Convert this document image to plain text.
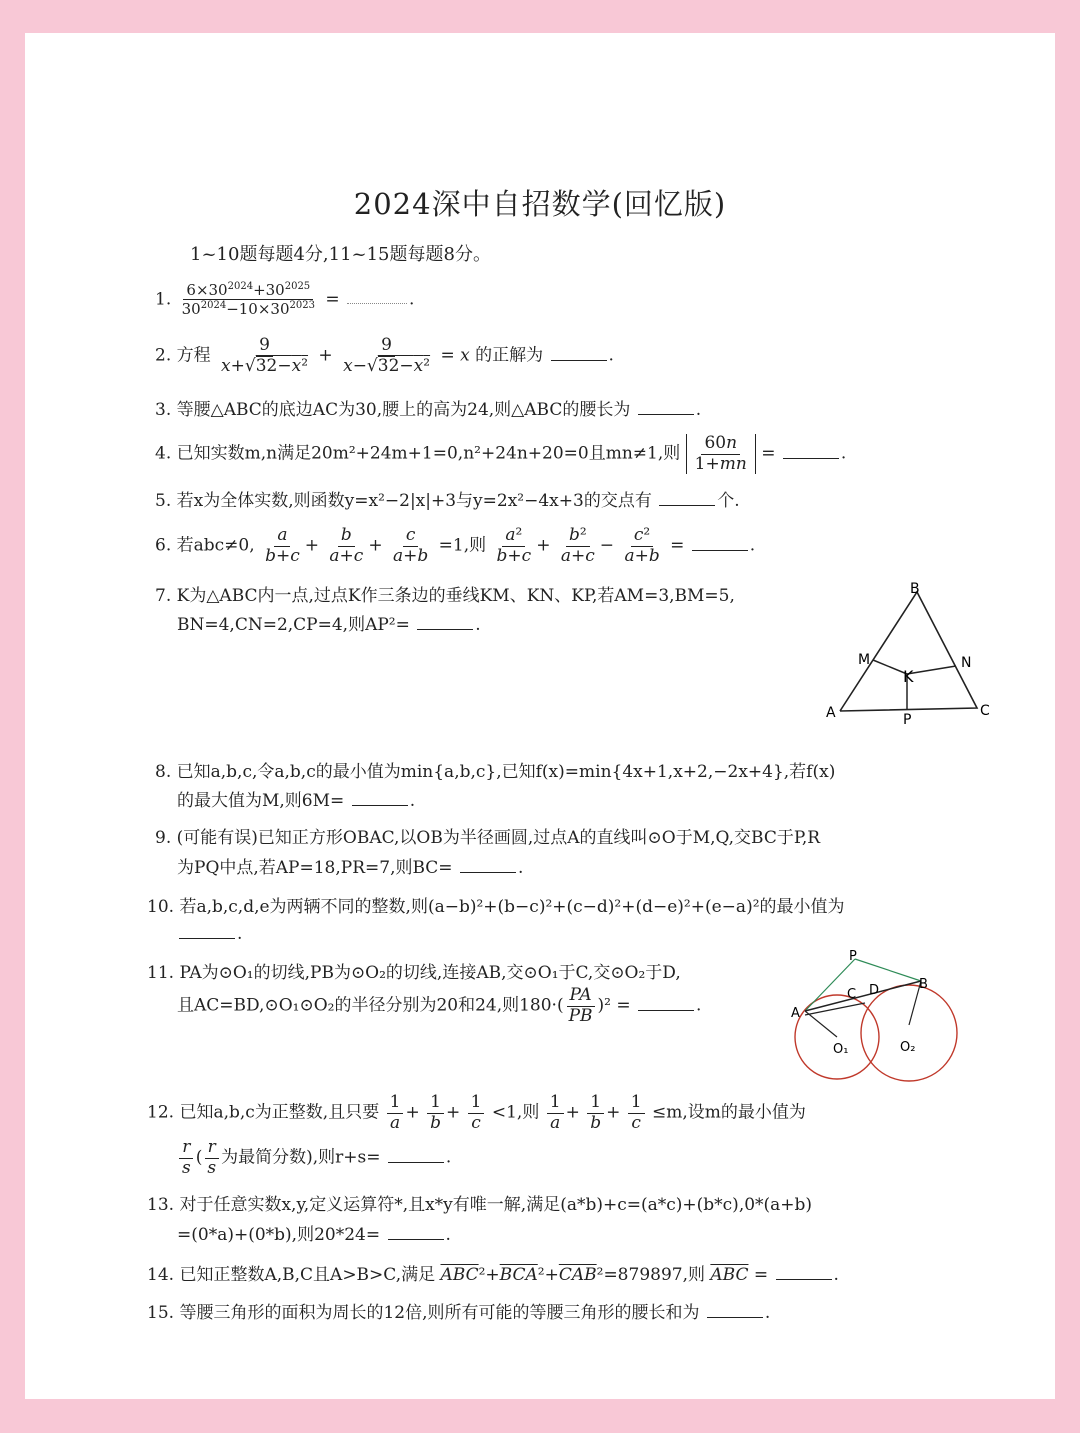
2024深中自招数学(回忆版)
1~10题每题4分,11~15题每题8分。
1. $\frac{6\times 30^{2024}+30^{2025}}{30^{2024}-10\times 30^{2023}}$ =	.
2. 方程 $\frac{9}{\text{x+√32−x²}} + \frac{9}{\text{x−√32−x²}} = x$ 的正解为	.
3. 等腰△ABC的底边AC为30,腰上的高为24,则△ABC的腰长为	.
4. 已知实数m,n满足20m²+24m+1=0,n²+24n+20=0且mn≠1,则 $\frac{60n}{1+mn}$ =	.
5. 若x为全体实数,则函数y=x²−2|x|+3与y=2x²−4x+3的交点有	个.
6. 若abc≠0, $\frac{a}{b+c} + \frac{b}{a+c} + \frac{c}{a+b} =1$,则 $\frac{\text{a²}}{b+c} + \frac{\text{b²}}{a+c} - \frac{\text{c²}}{a+b}$ =	.
7. K为△ABC内一点,过点K作三条边的垂线KM、KN、KP,若AM=3,BM=5,
BN=4,CN=2,CP=4,则AP²=	.
B
M	N
K
A	P
C
8. 已知a,b,c,令a,b,c的最小值为min{a,b,c},已知f(x)=min{4x+1,x+2,−2x+4},若f(x)
的最大值为M,则6M=	.
9. (可能有误)已知正方形OBAC,以OB为半径画圆,过点A的直线叫⊙O于M,Q,交BC于P,R
为PQ中点,若AP=18,PR=7,则BC=	.
10. 若a,b,c,d,e为两辆不同的整数,则(a−b)²+(b−c)²+(c−d)²+(d−e)²+(e−a)²的最小值为
.
11. PA为⊙O₁的切线,PB为⊙O₂的切线,连接AB,交⊙O₁于C,交⊙O₂于D,
且AC=BD,⊙O₁⊙O₂的半径分别为20和24,则$180\cdot( \frac{PA}{PB} )^2$ =	.
P
A
C D	B
O₁	O₂
12. 已知a,b,c为正整数,且只要 $\frac{1}{a} + \frac{1}{b} + \frac{1}{c} <1$,则 $\frac{1}{a} + \frac{1}{b} + \frac{1}{c} \le m$,设m的最小值为
$\frac{r}{s}$ ( $\frac{r}{s}$ 为最简分数),则r+s=	.
13. 对于任意实数x,y,定义运算符*,且x*y有唯一解,满足(a*b)+c=(a*c)+(b*c),0*(a+b)
=(0*a)+(0*b),则20*24=	.
14. 已知正整数A,B,C且A>B>C,满足 $\overline{ABC}^2+\overline{BCA}^2+\overline{CAB}^2=879897$,则 $\overline{ABC}$ =	.
15. 等腰三角形的面积为周长的12倍,则所有可能的等腰三角形的腰长和为	.
